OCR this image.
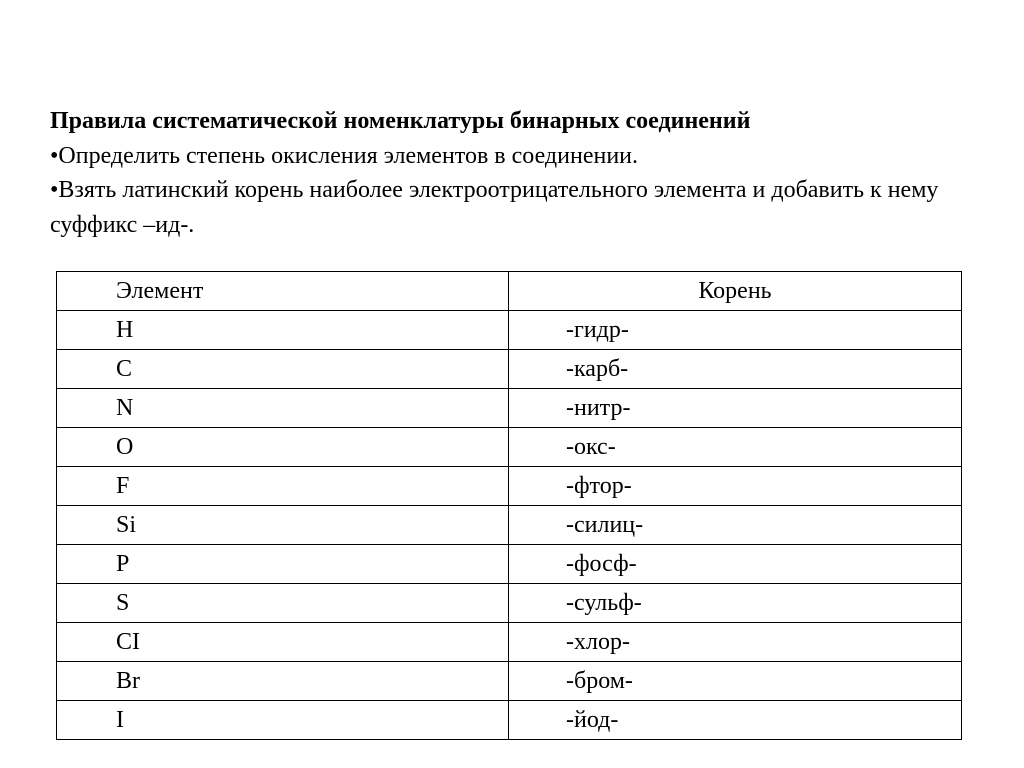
Правила систематической номенклатуры бинарных соединений

•Определить степень окисления элементов в соединении.

•Взять латинский корень наиболее электроотрицательного элемента и добавить к нему суффикс –ид-.

Элемент	Корень
H	-гидр-
C	-карб-
N	-нитр-
O	-окс-
F	-фтор-
Si	-силиц-
P	-фосф-
S	-сульф-
CI	-хлор-
Br	-бром-
I	-йод-
